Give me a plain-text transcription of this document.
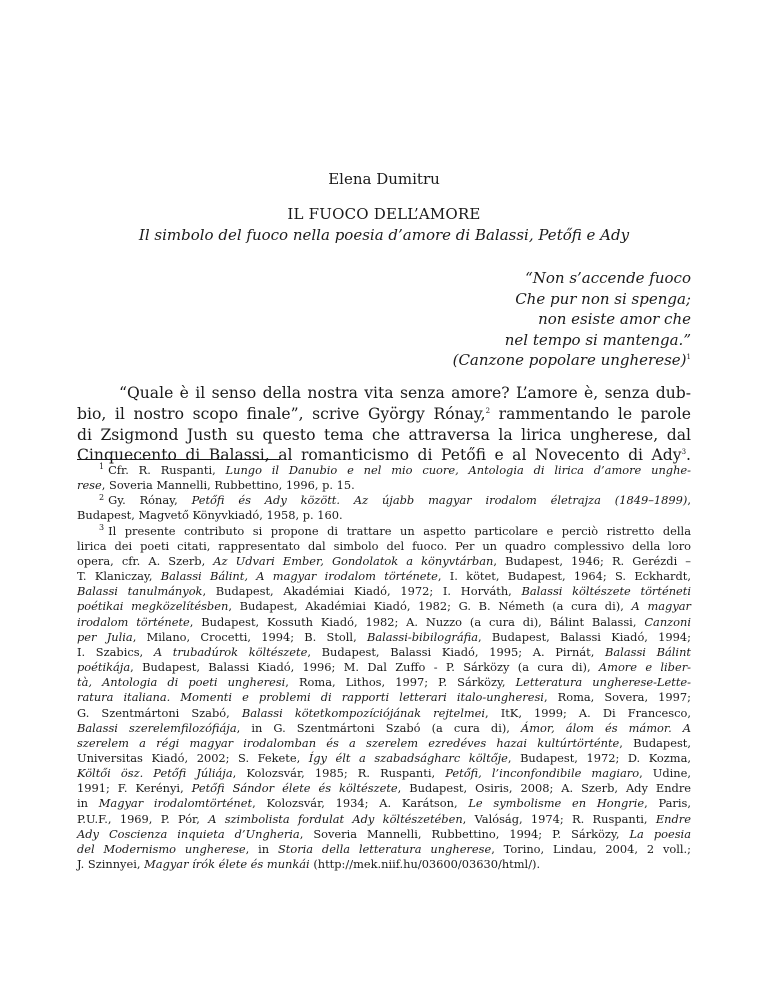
Elena Dumitru
IL FUOCO DELL’AMORE
Il simbolo del fuoco nella poesia d’amore di Balassi, Petőfi e Ady
“Non s’accende fuoco
Che pur non si spenga;
non esiste amor che
nel tempo si mantenga.”
(Canzone popolare ungherese)$^1$
“Quale è il senso della nostra vita senza amore? L’amore è, senza dub-
bio, il nostro scopo finale”, scrive György Rónay,$^2$ rammentando le parole
di Zsigmond Justh su questo tema che attraversa la lirica ungherese, dal
Cinquecento di Balassi, al romanticismo di Petőfi e al Novecento di Ady$^3$.
$^1$ Cfr. R. Ruspanti, Lungo il Danubio e nel mio cuore, Antologia di lirica d’amore unghe-
rese, Soveria Mannelli, Rubbettino, 1996, p. 15.
$^2$ Gy. Rónay, Petőfi és Ady között. Az újabb magyar irodalom életrajza (1849–1899),
Budapest, Magvető Könyvkiadó, 1958, p. 160.
$^3$ Il presente contributo si propone di trattare un aspetto particolare e perciò ristretto della
lirica dei poeti citati, rappresentato dal simbolo del fuoco. Per un quadro complessivo della loro
opera, cfr. A. Szerb, Az Udvari Ember, Gondolatok a könyvtárban, Budapest, 1946; R. Gerézdi –
T. Klaniczay, Balassi Bálint, A magyar irodalom története, I. kötet, Budapest, 1964; S. Eckhardt,
Balassi tanulmányok, Budapest, Akadémiai Kiadó, 1972; I. Horváth, Balassi költészete történeti
poétikai megközelítésben, Budapest, Akadémiai Kiadó, 1982; G. B. Németh (a cura di), A magyar
irodalom története, Budapest, Kossuth Kiadó, 1982; A. Nuzzo (a cura di), Bálint Balassi, Canzoni
per Julia, Milano, Crocetti, 1994; B. Stoll, Balassi-bibilográfia, Budapest, Balassi Kiadó, 1994;
I. Szabics, A trubadúrok költészete, Budapest, Balassi Kiadó, 1995; A. Pirnát, Balassi Bálint
poétikája, Budapest, Balassi Kiadó, 1996; M. Dal Zuffo - P. Sárközy (a cura di), Amore e liber-
tà, Antologia di poeti ungheresi, Roma, Lithos, 1997; P. Sárközy, Letteratura ungherese-Lette-
ratura italiana. Momenti e problemi di rapporti letterari italo-ungheresi, Roma, Sovera, 1997;
G. Szentmártoni Szabó, Balassi kötetkompozíciójának rejtelmei, ItK, 1999; A. Di Francesco,
Balassi szerelemfilozófiája, in G. Szentmártoni Szabó (a cura di), Ámor, álom és mámor. A
szerelem a régi magyar irodalomban és a szerelem ezredéves hazai kultúrtörténte, Budapest,
Universitas Kiadó, 2002; S. Fekete, Így élt a szabadságharc költője, Budapest, 1972; D. Kozma,
Költői ösz. Petőfi Júliája, Kolozsvár, 1985; R. Ruspanti, Petőfi, l’inconfondibile magiaro, Udine,
1991; F. Kerényi, Petőfi Sándor élete és költészete, Budapest, Osiris, 2008; A. Szerb, Ady Endre
in Magyar irodalomtörténet, Kolozsvár, 1934; A. Karátson, Le symbolisme en Hongrie, Paris,
P.U.F., 1969, P. Pór, A szimbolista fordulat Ady költészetében, Valóság, 1974; R. Ruspanti, Endre
Ady Coscienza inquieta d’Ungheria, Soveria Mannelli, Rubbettino, 1994; P. Sárközy, La poesia
del Modernismo ungherese, in Storia della letteratura ungherese, Torino, Lindau, 2004, 2 voll.;
J. Szinnyei, Magyar írók élete és munkái (http://mek.niif.hu/03600/03630/html/).
